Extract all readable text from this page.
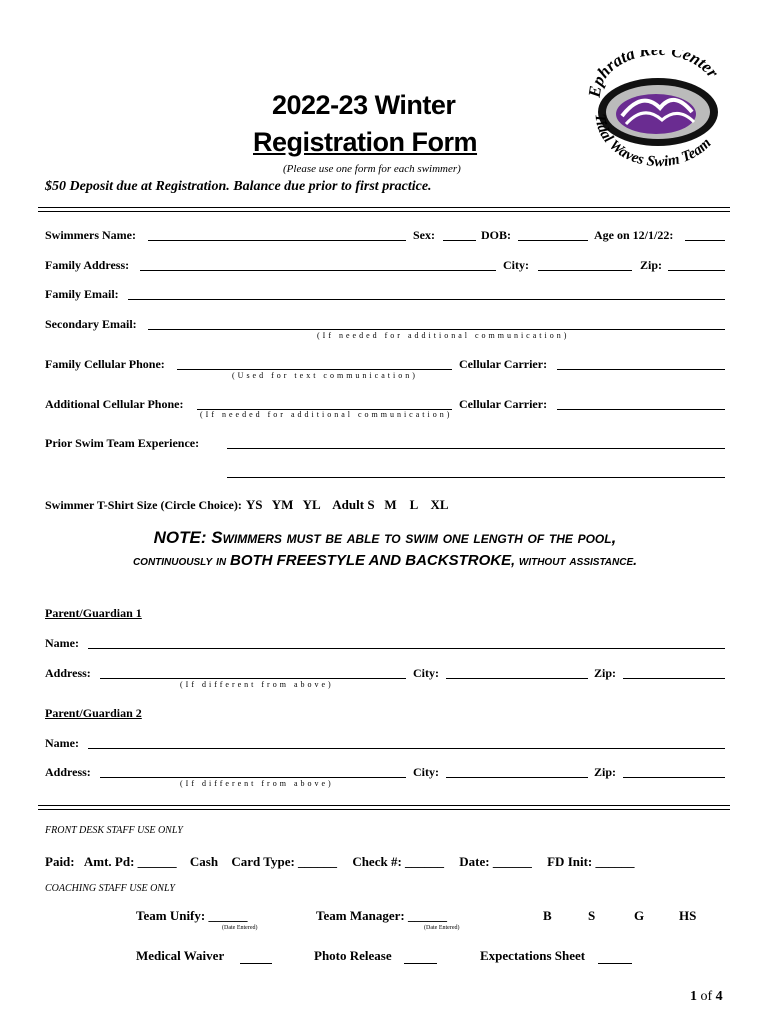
2022-23 Winter
Registration Form
(Please use one form for each swimmer)
$50 Deposit due at Registration. Balance due prior to first practice.
Ephrata R Center
Tidal Waves Swim Team
Swimmers Name:	Sex:	DOB:	Age on 12/1/22:
Family Address:	City:	Zip:
Family Email:
Secondary Email:
(If needed for additional communication)
Family Cellular Phone:
(Used for text communication)
Cellular Carrier:
Additional Cellular Phone:
(If needed for additional communication)
Cellular Carrier:
Prior Swim Team Experience:
Swimmer T-Shirt Size (Circle Choice): YS   YM   YL    Adult S   M    L    XL
NOTE: Swimmers must be able to swim one length of the pool,
continuously in BOTH FREESTYLE AND BACKSTROKE, without assistance.
Parent/Guardian 1
Name:
Address:
(If different from above)
City:	Zip:
Parent/Guardian 2
Name:
Address:
(If different from above)
City:	Zip:
FRONT DESK STAFF USE ONLY
Paid: Amt. Pd: ______ Cash Card Type: ______ Check #: ______ Date: ______ FD Init: ______
COACHING STAFF USE ONLY
Team Unify: ______
(Date Entered)
Team Manager: ______
(Date Entered)
B	S	G	HS
Medical Waiver	Photo Release	Expectations Sheet
1 of 4
